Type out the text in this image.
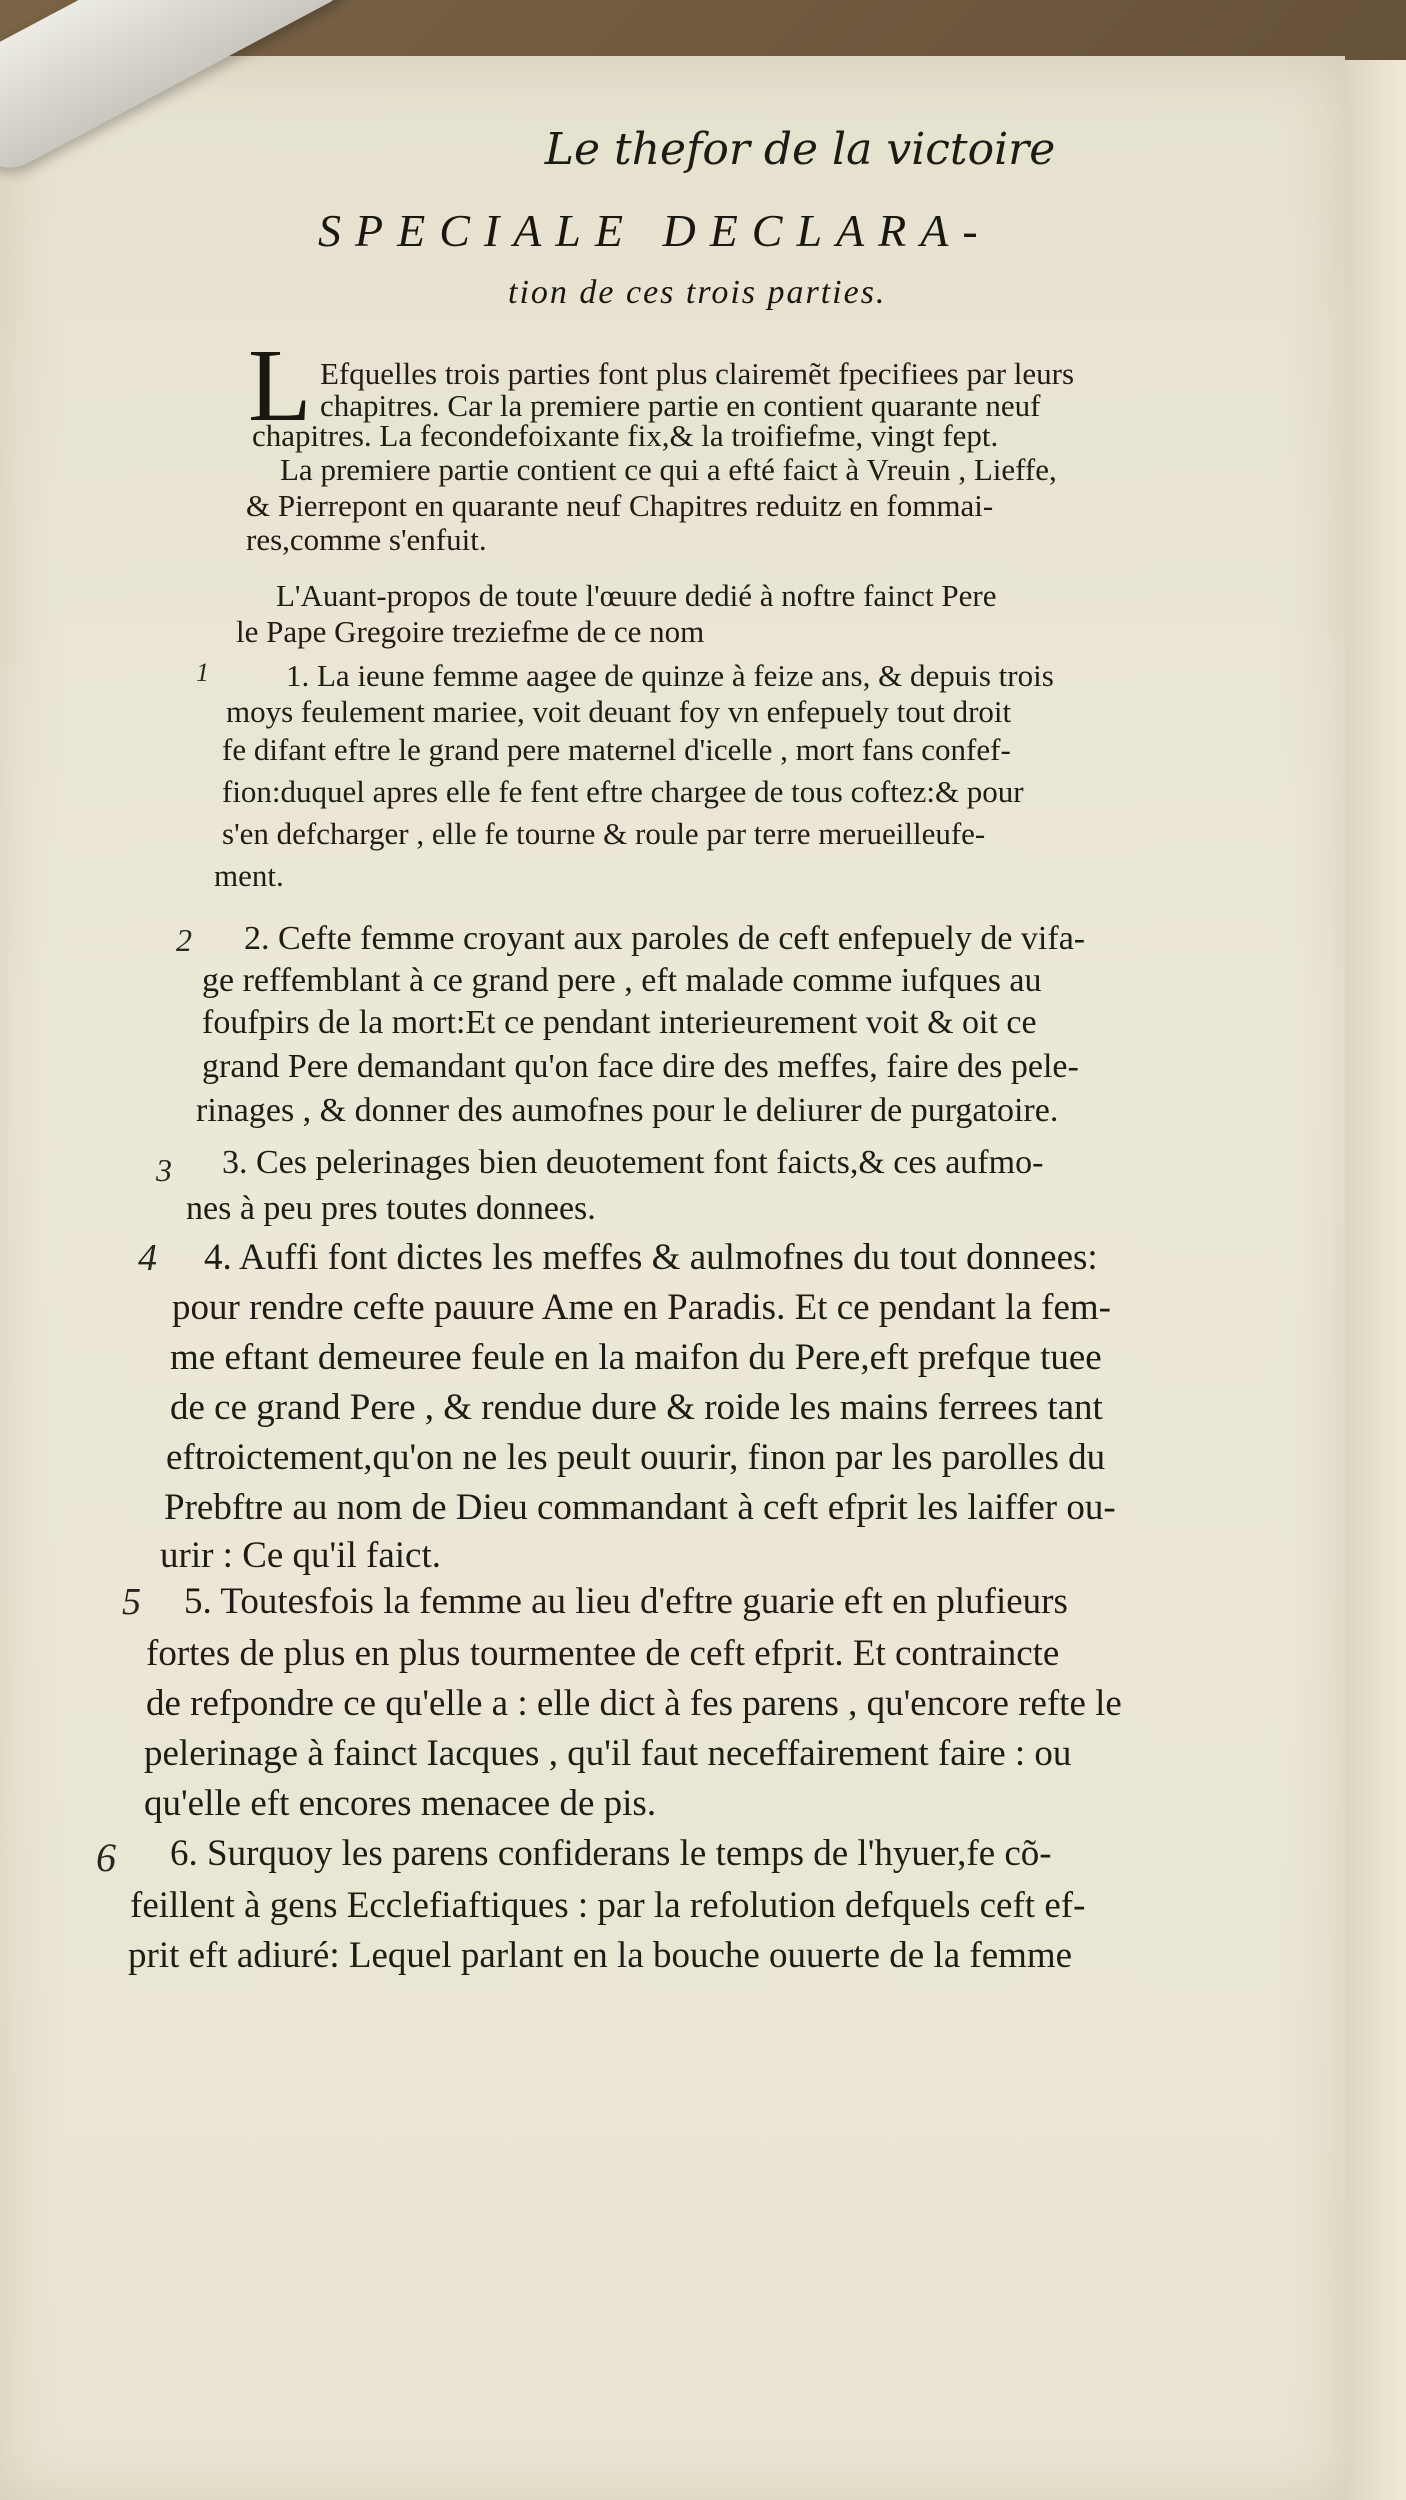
Le thefor de la victoire
SPECIALE DECLARA-
tion de ces trois parties.
L Efquelles trois parties font plus clairemẽt fpecifiees par leurs
chapitres. Car la premiere partie en contient quarante neuf
chapitres. La fecondefoixante fix,& la troifiefme, vingt fept.
La premiere partie contient ce qui a efté faict à Vreuin , Lieffe,
& Pierrepont en quarante neuf Chapitres reduitz en fommai-
res,comme s'enfuit.
L'Auant-propos de toute l'œuure dedié à noftre fainct Pere
le Pape Gregoire treziefme de ce nom
1
2
3
4
5
6
1. La ieune femme aagee de quinze à feize ans, & depuis trois
moys feulement mariee, voit deuant foy vn enfepuely tout droit
fe difant eftre le grand pere maternel d'icelle , mort fans confef-
fion:duquel apres elle fe fent eftre chargee de tous coftez:& pour
s'en defcharger , elle fe tourne & roule par terre merueilleufe-
ment.
2. Cefte femme croyant aux paroles de ceft enfepuely de vifa-
ge reffemblant à ce grand pere , eft malade comme iufques au
foufpirs de la mort:Et ce pendant interieurement voit & oit ce
grand Pere demandant qu'on face dire des meffes, faire des pele-
rinages , & donner des aumofnes pour le deliurer de purgatoire.
3. Ces pelerinages bien deuotement font faicts,& ces aufmo-
nes à peu pres toutes donnees.
4. Auffi font dictes les meffes & aulmofnes du tout donnees:
pour rendre cefte pauure Ame en Paradis. Et ce pendant la fem-
me eftant demeuree feule en la maifon du Pere,eft prefque tuee
de ce grand Pere , & rendue dure & roide les mains ferrees tant
eftroictement,qu'on ne les peult ouurir, finon par les parolles du
Prebftre au nom de Dieu commandant à ceft efprit les laiffer ou-
urir : Ce qu'il faict.
5. Toutesfois la femme au lieu d'eftre guarie eft en plufieurs
fortes de plus en plus tourmentee de ceft efprit. Et contraincte
de refpondre ce qu'elle a : elle dict à fes parens , qu'encore refte le
pelerinage à fainct Iacques , qu'il faut neceffairement faire : ou
qu'elle eft encores menacee de pis.
6. Surquoy les parens confiderans le temps de l'hyuer,fe cõ-
feillent à gens Ecclefiaftiques : par la refolution defquels ceft ef-
prit eft adiuré: Lequel parlant en la bouche ouuerte de la femme
